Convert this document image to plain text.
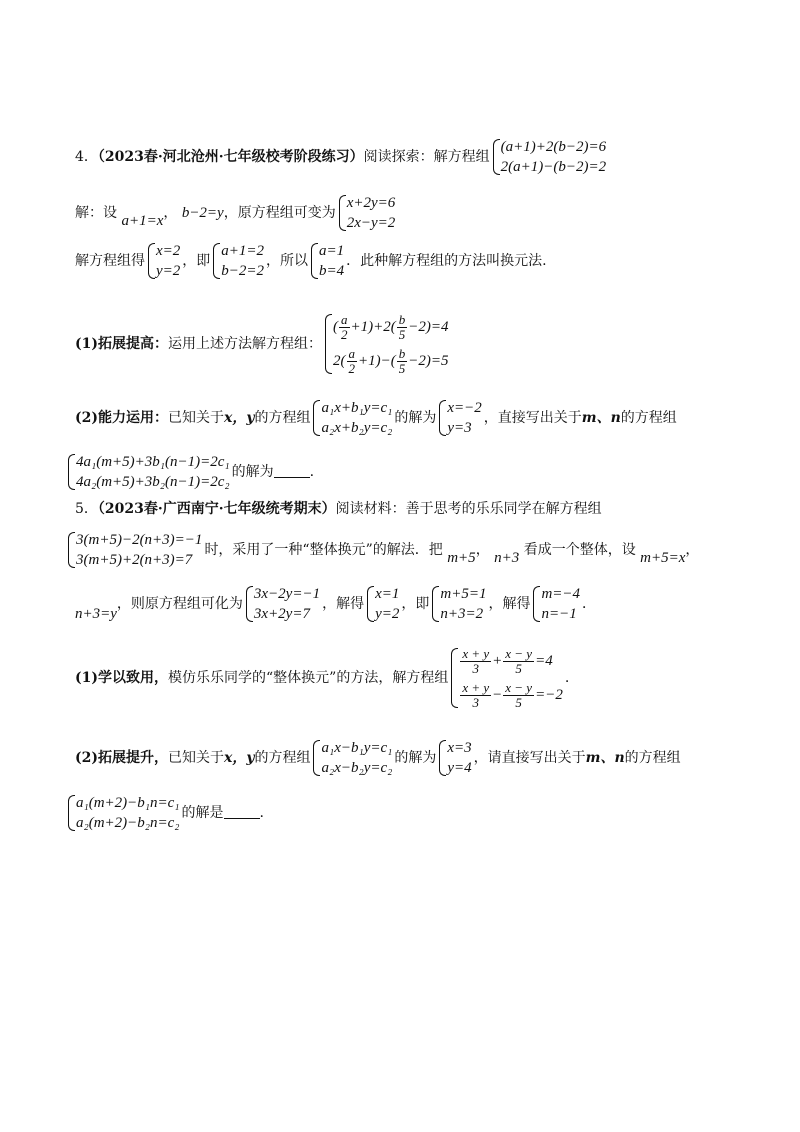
4．（2023春·河北沧州·七年级校考阶段练习）阅读探索：解方程组
(a+1)+2(b−2)=6
2(a+1)−(b−2)=2
解：设 a+1=x， b−2=y，原方程组可变为
x+2y=6
2x−y=2
解方程组得
x=2
y=2
，即
a+1=2
b−2=2
，所以
a=1
b=4
．此种解方程组的方法叫换元法.
(1)拓展提高：运用上述方法解方程组：
( $\frac{a}{2} +1)+2( \frac{b}{5} -2)=4$
$2( \frac{a}{2} +1)-( \frac{b}{5} -2)=5$
(2)能力运用：已知关于x，y的方程组
a₁x+b₁y=c₁
a₂x+b₂y=c₂
的解为
x=−2
y=3
，直接写出关于m、n的方程组
4a₁(m+5)+3b₁(n−1)=2c₁
4a₂(m+5)+3b₂(n−1)=2c₂
的解为	.
5．（2023春·广西南宁·七年级统考期末）阅读材料：善于思考的乐乐同学在解方程组
3(m+5)−2(n+3)=−1
3(m+5)+2(n+3)=7
时，采用了一种“整体换元”的解法．把 m+5， n+3 看成一个整体，设 m+5=x，
n+3=y，则原方程组可化为
3x−2y=−1
3x+2y=7
，解得
x=1
y=2
，即
m+5=1
n+3=2
，解得
m=−4
n=−1
．
(1)学以致用，模仿乐乐同学的“整体换元”的方法，解方程组
$\frac{x + y}{3} + \frac{x - y}{5} =4$
$\frac{x + y}{3} - \frac{x - y}{5} =-2$
.
(2)拓展提升，已知关于x，y的方程组
a₁x−b₁y=c₁
a₂x−b₂y=c₂
的解为
x=3
y=4
，请直接写出关于m、n的方程组
a₁(m+2)−b₁n=c₁
a₂(m+2)−b₂n=c₂
的解是	.
